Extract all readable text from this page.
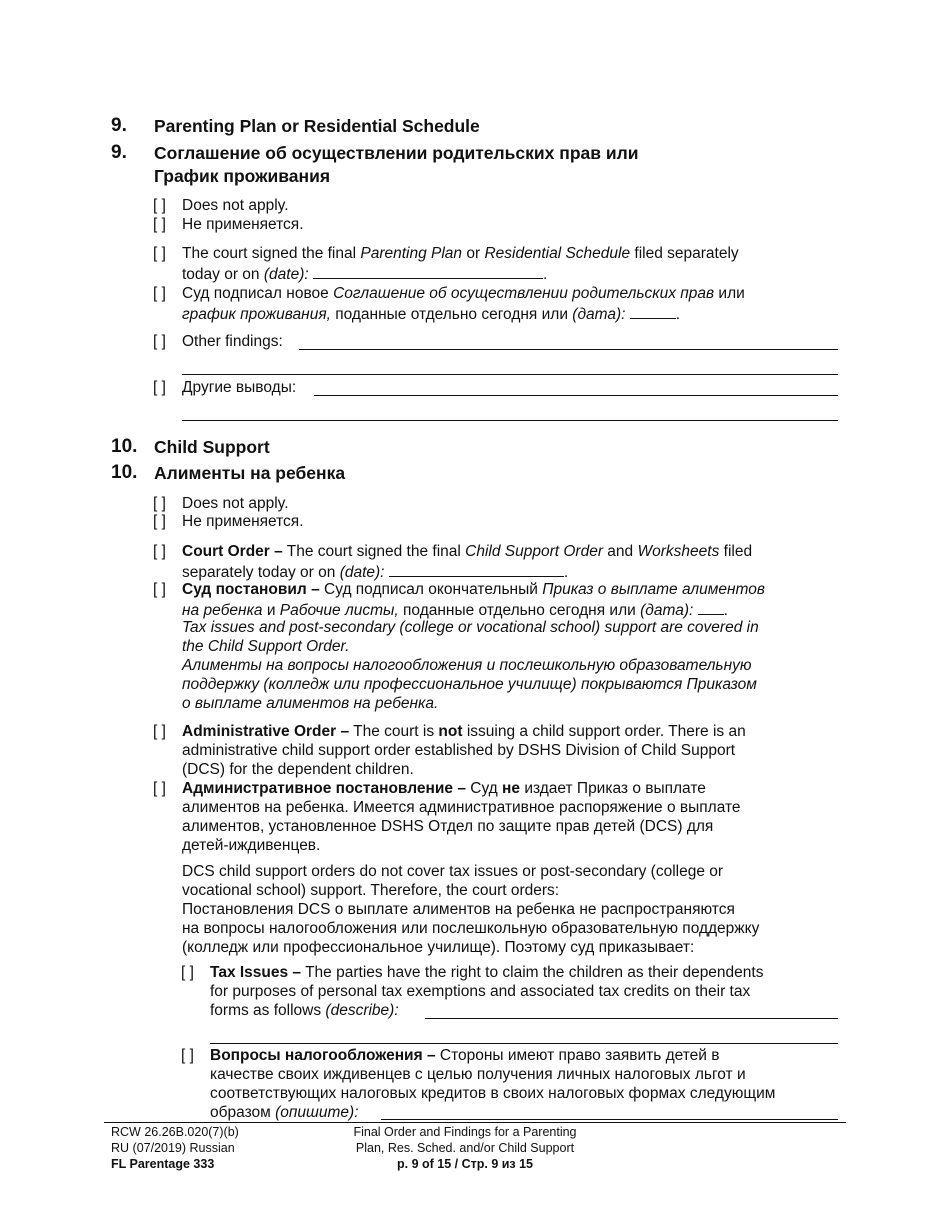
9. Parenting Plan or Residential Schedule
9. Соглашение об осуществлении родительских прав или
График проживания
[ ] Does not apply.
[ ] Не применяется.
[ ] The court signed the final Parenting Plan or Residential Schedule filed separately
today or on (date):	.
[ ] Суд подписал новое Соглашение об осуществлении родительских прав или
график проживания, поданные отдельно сегодня или (дата):	.
[ ] Other findings:
[ ] Другие выводы:
10. Child Support
10. Алименты на ребенка
[ ] Does not apply.
[ ] Не применяется.
[ ] Court Order – The court signed the final Child Support Order and Worksheets filed
separately today or on (date):	.
[ ] Суд постановил – Суд подписал окончательный Приказ о выплате алиментов
на ребенка и Рабочие листы, поданные отдельно сегодня или (дата): .
Tax issues and post-secondary (college or vocational school) support are covered in
the Child Support Order.
Алименты на вопросы налогообложения и послешкольную образовательную
поддержку (колледж или профессиональное училище) покрываются Приказом
о выплате алиментов на ребенка.
[ ] Administrative Order – The court is not issuing a child support order. There is an
administrative child support order established by DSHS Division of Child Support
(DCS) for the dependent children.
[ ] Административное постановление – Суд не издает Приказ о выплате
алиментов на ребенка. Имеется административное распоряжение о выплате
алиментов, установленное DSHS Отдел по защите прав детей (DCS) для
детей-иждивенцев.
DCS child support orders do not cover tax issues or post-secondary (college or
vocational school) support. Therefore, the court orders:
Постановления DCS о выплате алиментов на ребенка не распространяются
на вопросы налогообложения или послешкольную образовательную поддержку
(колледж или профессиональное училище). Поэтому суд приказывает:
[ ] Tax Issues – The parties have the right to claim the children as their dependents
for purposes of personal tax exemptions and associated tax credits on their tax
forms as follows (describe):
[ ] Вопросы налогообложения – Стороны имеют право заявить детей в
качестве своих иждивенцев с целью получения личных налоговых льгот и
соответствующих налоговых кредитов в своих налоговых формах следующим
образом (опишите):
RCW 26.26B.020(7)(b)
RU (07/2019) Russian
FL Parentage 333
Final Order and Findings for a Parenting
Plan, Res. Sched. and/or Child Support
p. 9 of 15 / Стр. 9 из 15
